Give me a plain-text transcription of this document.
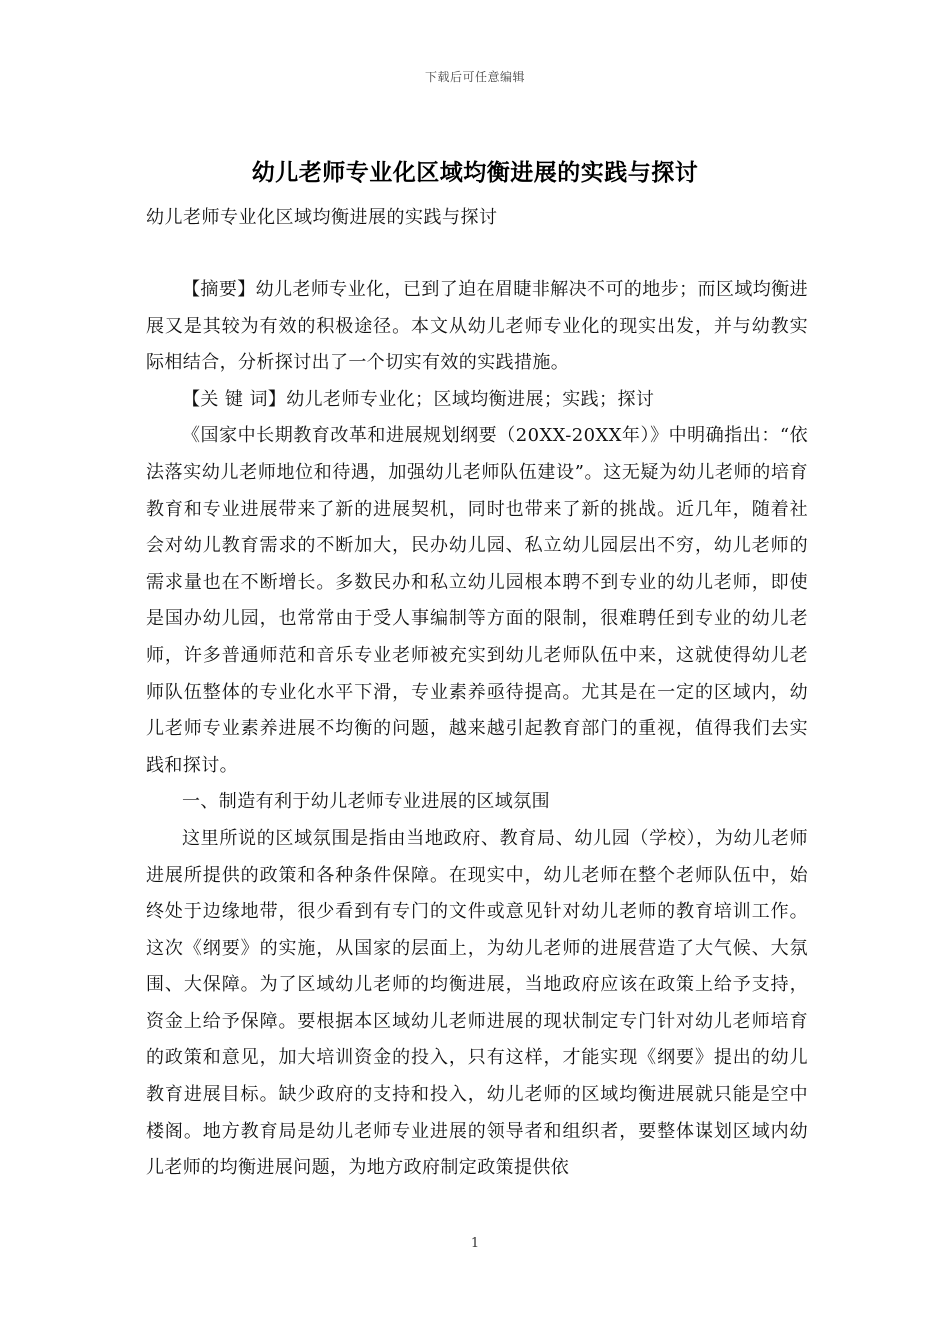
下载后可任意编辑
幼儿老师专业化区域均衡进展的实践与探讨
幼儿老师专业化区域均衡进展的实践与探讨

【摘要】幼儿老师专业化，已到了迫在眉睫非解决不可的地步；而区域均衡进展又是其较为有效的积极途径。本文从幼儿老师专业化的现实出发，并与幼教实际相结合，分析探讨出了一个切实有效的实践措施。

【关 键 词】幼儿老师专业化；区域均衡进展；实践；探讨

《国家中长期教育改革和进展规划纲要（20XX-20XX年）》中明确指出：“依法落实幼儿老师地位和待遇，加强幼儿老师队伍建设”。这无疑为幼儿老师的培育教育和专业进展带来了新的进展契机，同时也带来了新的挑战。近几年，随着社会对幼儿教育需求的不断加大，民办幼儿园、私立幼儿园层出不穷，幼儿老师的需求量也在不断增长。多数民办和私立幼儿园根本聘不到专业的幼儿老师，即使是国办幼儿园，也常常由于受人事编制等方面的限制，很难聘任到专业的幼儿老师，许多普通师范和音乐专业老师被充实到幼儿老师队伍中来，这就使得幼儿老师队伍整体的专业化水平下滑，专业素养亟待提高。尤其是在一定的区域内，幼儿老师专业素养进展不均衡的问题，越来越引起教育部门的重视，值得我们去实践和探讨。

一、制造有利于幼儿老师专业进展的区域氛围

这里所说的区域氛围是指由当地政府、教育局、幼儿园（学校），为幼儿老师进展所提供的政策和各种条件保障。在现实中，幼儿老师在整个老师队伍中，始终处于边缘地带，很少看到有专门的文件或意见针对幼儿老师的教育培训工作。这次《纲要》的实施，从国家的层面上，为幼儿老师的进展营造了大气候、大氛围、大保障。为了区域幼儿老师的均衡进展，当地政府应该在政策上给予支持，资金上给予保障。要根据本区域幼儿老师进展的现状制定专门针对幼儿老师培育的政策和意见，加大培训资金的投入，只有这样，才能实现《纲要》提出的幼儿教育进展目标。缺少政府的支持和投入，幼儿老师的区域均衡进展就只能是空中楼阁。地方教育局是幼儿老师专业进展的领导者和组织者，要整体谋划区域内幼儿老师的均衡进展问题，为地方政府制定政策提供依

1
